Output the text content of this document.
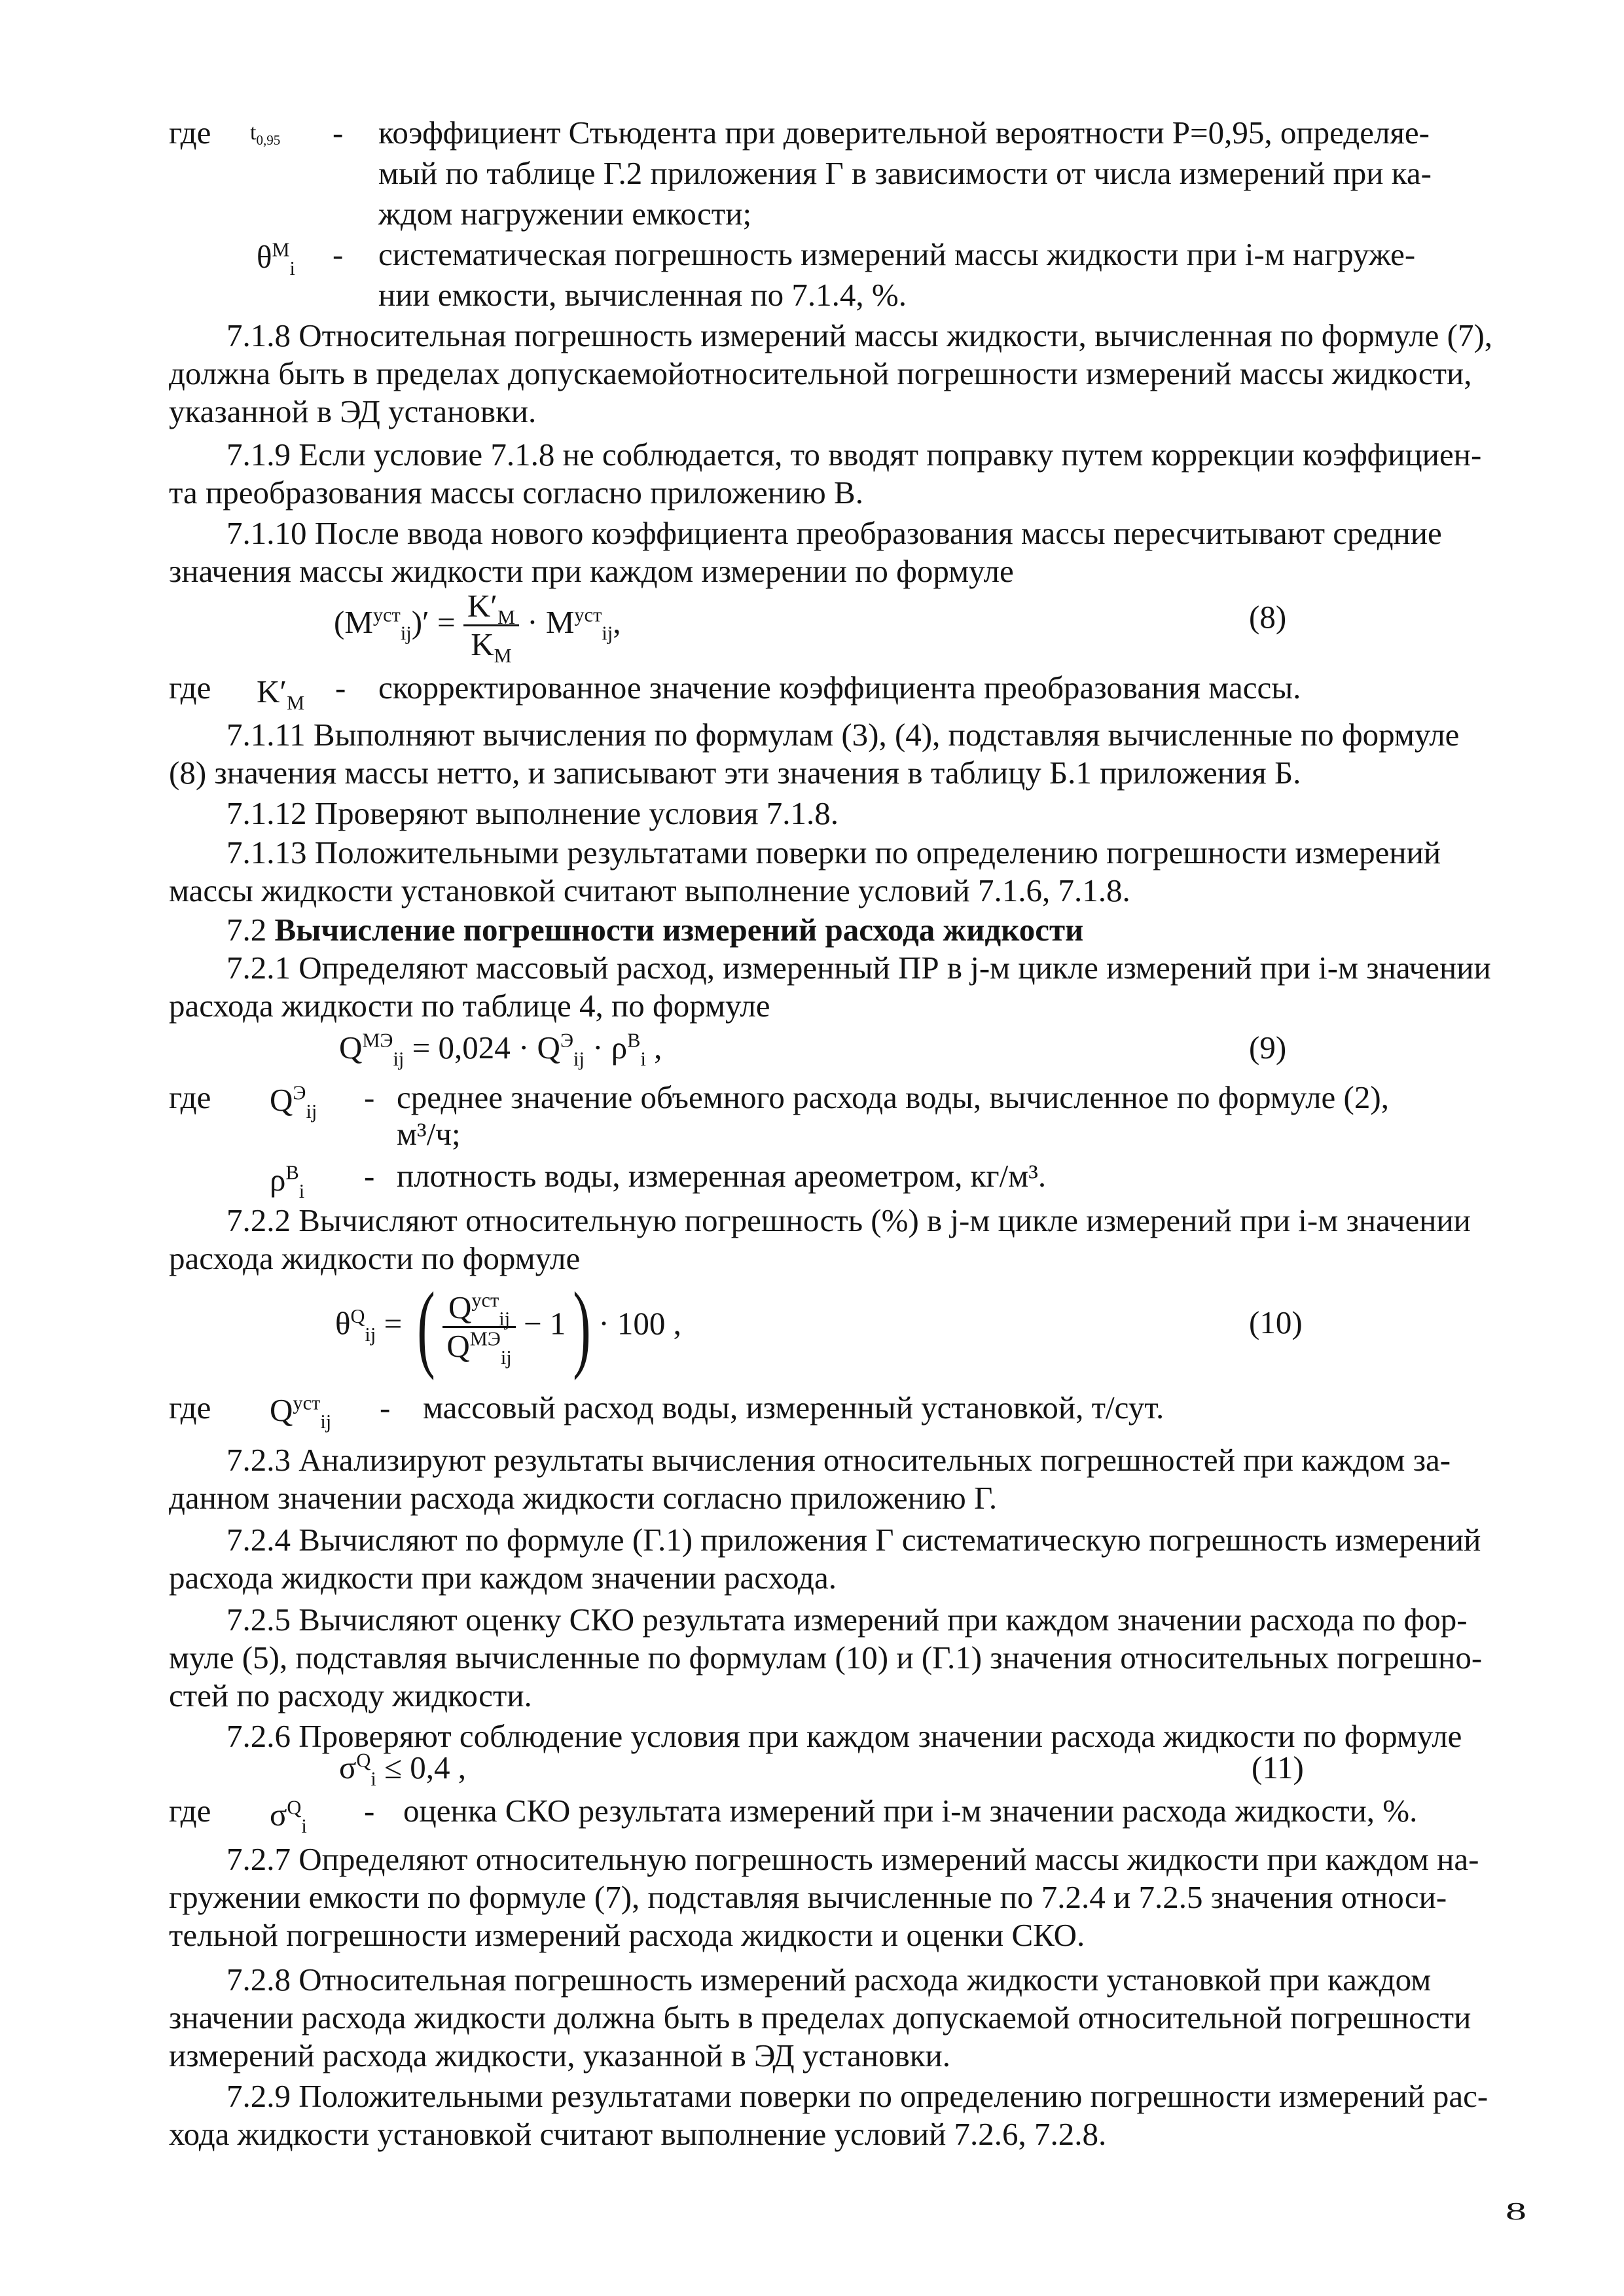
где $t_{0,95}$ - коэффициент Стьюдента при доверительной вероятности Р=0,95, определяе-
мый по таблице Г.2 приложения Г в зависимости от числа измерений при ка-
ждом нагружении емкости;
$\theta^M_i$ - систематическая погрешность измерений массы жидкости при i-м нагруже-
нии емкости, вычисленная по 7.1.4, %.
7.1.8 Относительная погрешность измерений массы жидкости, вычисленная по формуле (7),
должна быть в пределах допускаемойотносительной погрешности измерений массы жидкости,
указанной в ЭД установки.
7.1.9 Если условие 7.1.8 не соблюдается, то вводят поправку путем коррекции коэффициен-
та преобразования массы согласно приложению В.
7.1.10 После ввода нового коэффициента преобразования массы пересчитывают средние
значения массы жидкости при каждом измерении по формуле
$(M^{уст}_{ij})' = \frac{K'_M}{K_M} \cdot M^{уст}_{ij}$,	(8)
где $K'_M$ - скорректированное значение коэффициента преобразования массы.
7.1.11 Выполняют вычисления по формулам (3), (4), подставляя вычисленные по формуле
(8) значения массы нетто, и записывают эти значения в таблицу Б.1 приложения Б.
7.1.12 Проверяют выполнение условия 7.1.8.
7.1.13 Положительными результатами поверки по определению погрешности измерений
массы жидкости установкой считают выполнение условий 7.1.6, 7.1.8.
7.2 Вычисление погрешности измерений расхода жидкости
7.2.1 Определяют массовый расход, измеренный ПР в j-м цикле измерений при i-м значении
расхода жидкости по таблице 4, по формуле
$Q^{МЭ}_{ij} = 0,024 \cdot Q^Э_{ij} \cdot \rho^B_i$ ,	(9)
где $Q^Э_{ij}$ - среднее значение объемного расхода воды, вычисленное по формуле (2),
м³/ч;
$\rho^B_i$ - плотность воды, измеренная ареометром, кг/м³.
7.2.2 Вычисляют относительную погрешность (%) в j-м цикле измерений при i-м значении
расхода жидкости по формуле
$\theta^Q_{ij}$ = ( $\frac{Q^{уст}_{ij}}{Q^{МЭ}_{ij}} - 1) \cdot 100$ ,	(10)
где $Q^{уст}_{ij}$ - массовый расход воды, измеренный установкой, т/сут.
7.2.3 Анализируют результаты вычисления относительных погрешностей при каждом за-
данном значении расхода жидкости согласно приложению Г.
7.2.4 Вычисляют по формуле (Г.1) приложения Г систематическую погрешность измерений
расхода жидкости при каждом значении расхода.
7.2.5 Вычисляют оценку СКО результата измерений при каждом значении расхода по фор-
муле (5), подставляя вычисленные по формулам (10) и (Г.1) значения относительных погрешно-
стей по расходу жидкости.
7.2.6 Проверяют соблюдение условия при каждом значении расхода жидкости по формуле
$\sigma^Q_i \le 0,4$ ,	(11)
где $\sigma^Q_i$ - оценка СКО результата измерений при i-м значении расхода жидкости, %.
7.2.7 Определяют относительную погрешность измерений массы жидкости при каждом на-
гружении емкости по формуле (7), подставляя вычисленные по 7.2.4 и 7.2.5 значения относи-
тельной погрешности измерений расхода жидкости и оценки СКО.
7.2.8 Относительная погрешность измерений расхода жидкости установкой при каждом
значении расхода жидкости должна быть в пределах допускаемой относительной погрешности
измерений расхода жидкости, указанной в ЭД установки.
7.2.9 Положительными результатами поверки по определению погрешности измерений рас-
хода жидкости установкой считают выполнение условий 7.2.6, 7.2.8.
8
